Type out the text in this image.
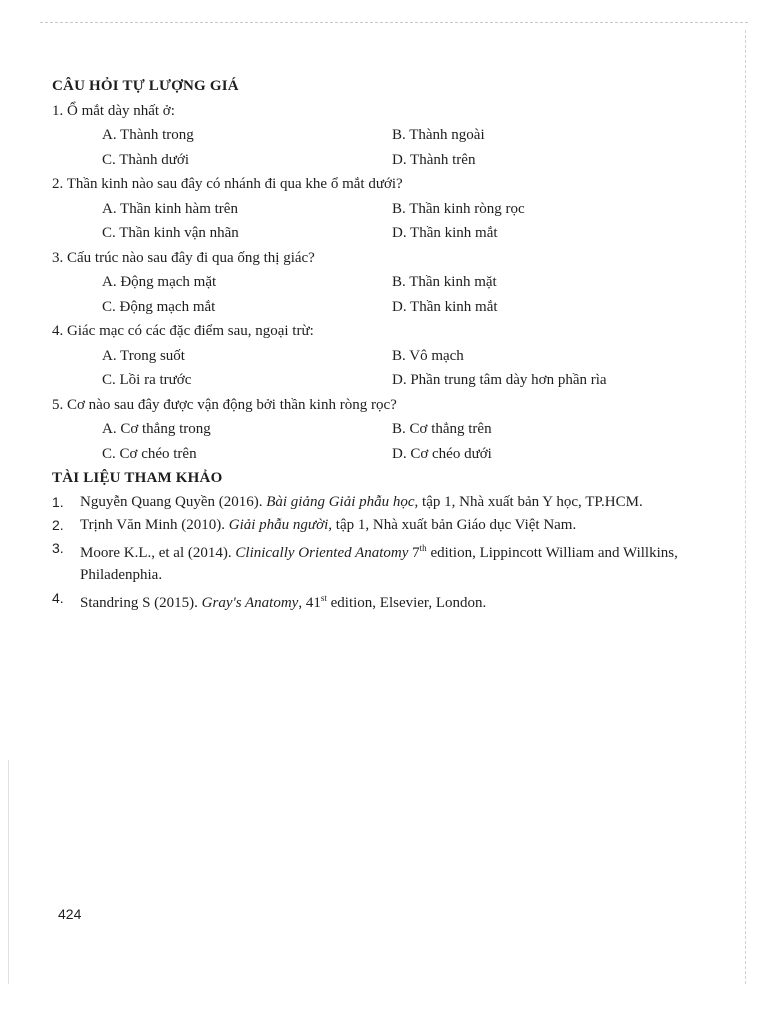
CÂU HỎI TỰ LƯỢNG GIÁ

1. Ổ mắt dày nhất ở:

A. Thành trong	B. Thành ngoài

C. Thành dưới	D. Thành trên

2. Thần kinh nào sau đây có nhánh đi qua khe ổ mắt dưới?

A. Thần kinh hàm trên	B. Thần kinh ròng rọc

C. Thần kinh vận nhãn	D. Thần kinh mắt

3. Cấu trúc nào sau đây đi qua ống thị giác?

A. Động mạch mặt	B. Thần kinh mặt

C. Động mạch mắt	D. Thần kinh mắt

4. Giác mạc có các đặc điểm sau, ngoại trừ:

A. Trong suốt	B. Vô mạch

C. Lồi ra trước	D. Phần trung tâm dày hơn phần rìa

5. Cơ nào sau đây được vận động bởi thần kinh ròng rọc?

A. Cơ thẳng trong	B. Cơ thẳng trên

C. Cơ chéo trên	D. Cơ chéo dưới

TÀI LIỆU THAM KHẢO
1.	Nguyễn Quang Quyền (2016). Bài giảng Giải phẫu học, tập 1, Nhà xuất bản Y học, TP.HCM.
2.	Trịnh Văn Minh (2010). Giải phẫu người, tập 1, Nhà xuất bản Giáo dục Việt Nam.
3.	Moore K.L., et al (2014). Clinically Oriented Anatomy 7th edition, Lippincott William and Willkins, Philadenphia.
4.	Standring S (2015). Gray's Anatomy, 41st edition, Elsevier, London.
424
